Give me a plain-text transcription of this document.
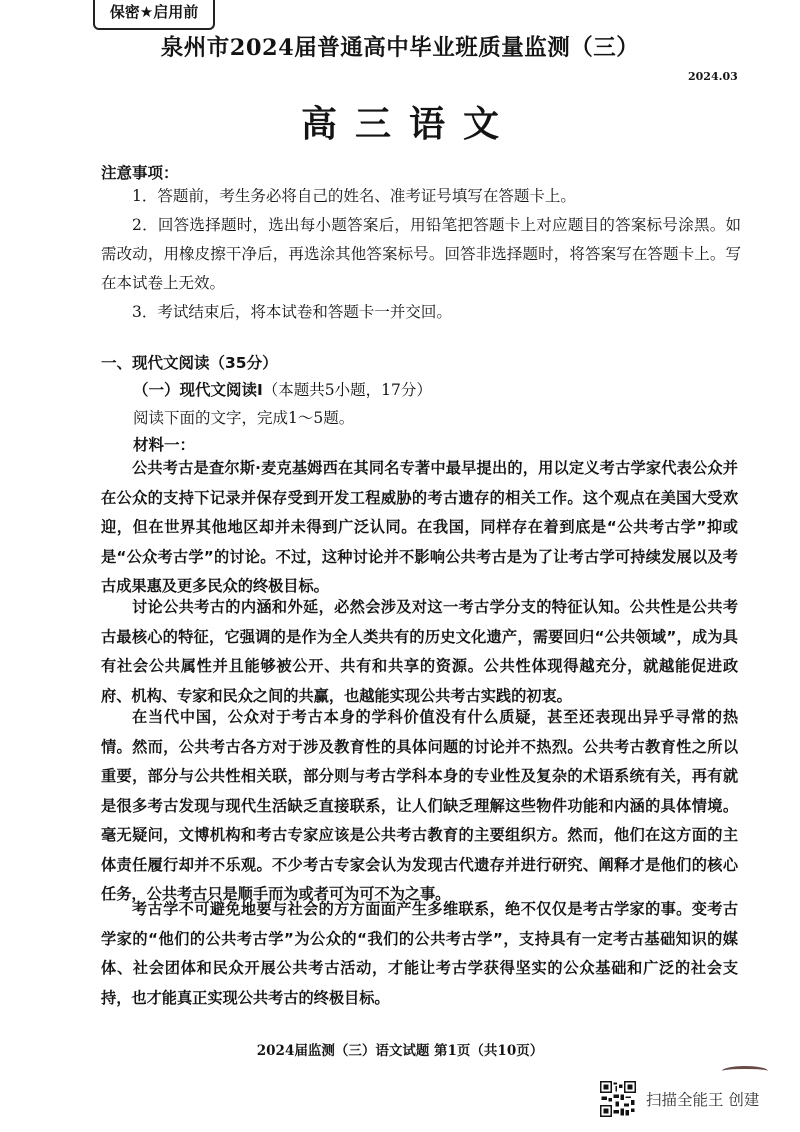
保密★启用前
泉州市2024届普通高中毕业班质量监测（三）
2024.03
高三语文
注意事项：
1．答题前，考生务必将自己的姓名、准考证号填写在答题卡上。
2．回答选择题时，选出每小题答案后，用铅笔把答题卡上对应题目的答案标号涂黑。如需改动，用橡皮擦干净后，再选涂其他答案标号。回答非选择题时，将答案写在答题卡上。写在本试卷上无效。
3．考试结束后，将本试卷和答题卡一并交回。
一、现代文阅读（35分）
（一）现代文阅读Ⅰ（本题共5小题，17分）
阅读下面的文字，完成1～5题。
材料一：
公共考古是查尔斯·麦克基姆西在其同名专著中最早提出的，用以定义考古学家代表公众并在公众的支持下记录并保存受到开发工程威胁的考古遗存的相关工作。这个观点在美国大受欢迎，但在世界其他地区却并未得到广泛认同。在我国，同样存在着到底是“公共考古学”抑或是“公众考古学”的讨论。不过，这种讨论并不影响公共考古是为了让考古学可持续发展以及考古成果惠及更多民众的终极目标。
讨论公共考古的内涵和外延，必然会涉及对这一考古学分支的特征认知。公共性是公共考古最核心的特征，它强调的是作为全人类共有的历史文化遗产，需要回归“公共领域”，成为具有社会公共属性并且能够被公开、共有和共享的资源。公共性体现得越充分，就越能促进政府、机构、专家和民众之间的共赢，也越能实现公共考古实践的初衷。
在当代中国，公众对于考古本身的学科价值没有什么质疑，甚至还表现出异乎寻常的热情。然而，公共考古各方对于涉及教育性的具体问题的讨论并不热烈。公共考古教育性之所以重要，部分与公共性相关联，部分则与考古学科本身的专业性及复杂的术语系统有关，再有就是很多考古发现与现代生活缺乏直接联系，让人们缺乏理解这些物件功能和内涵的具体情境。毫无疑问，文博机构和考古专家应该是公共考古教育的主要组织方。然而，他们在这方面的主体责任履行却并不乐观。不少考古专家会认为发现古代遗存并进行研究、阐释才是他们的核心任务，公共考古只是顺手而为或者可为可不为之事。
考古学不可避免地要与社会的方方面面产生多维联系，绝不仅仅是考古学家的事。变考古学家的“他们的公共考古学”为公众的“我们的公共考古学”，支持具有一定考古基础知识的媒体、社会团体和民众开展公共考古活动，才能让考古学获得坚实的公众基础和广泛的社会支持，也才能真正实现公共考古的终极目标。
2024届监测（三）语文试题 第1页（共10页）
扫描全能王 创建
